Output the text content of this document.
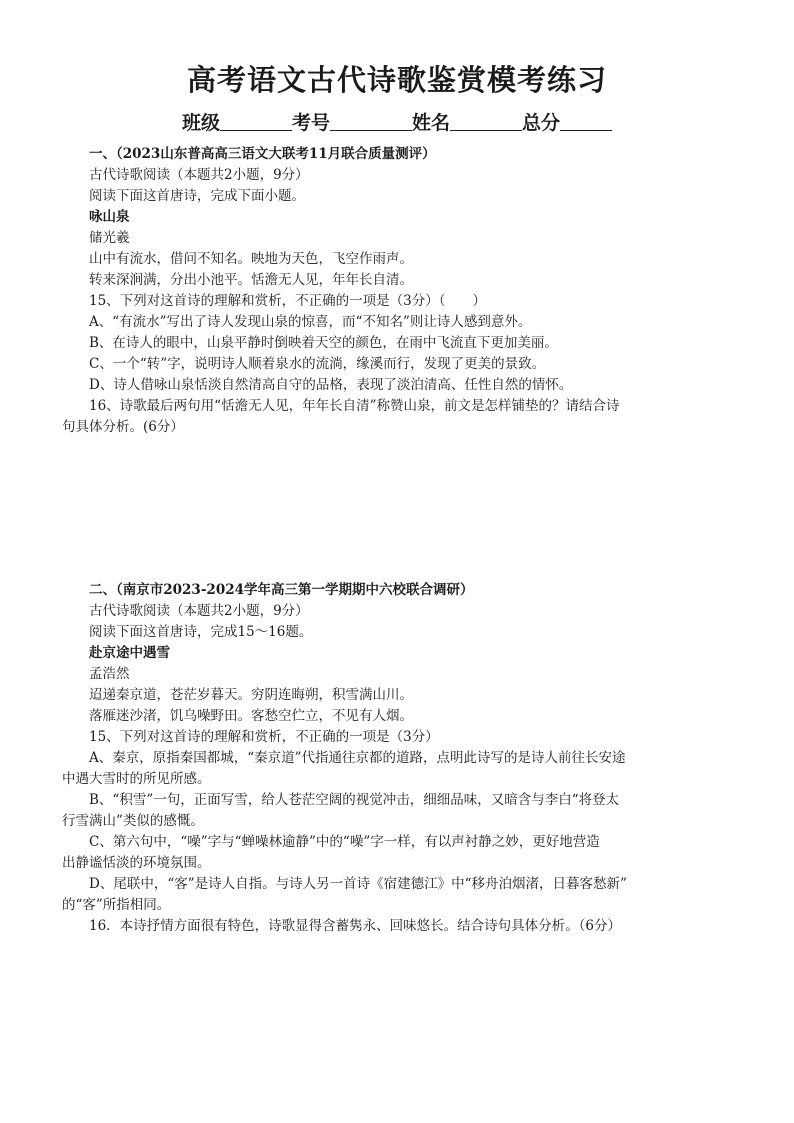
高考语文古代诗歌鉴赏模考练习
班级	考号	姓名	总分
一、（2023山东普高高三语文大联考11月联合质量测评）
古代诗歌阅读（本题共2小题，9分）
阅读下面这首唐诗，完成下面小题。
咏山泉
储光羲
山中有流水，借问不知名。映地为天色，飞空作雨声。
转来深涧满，分出小池平。恬澹无人见，年年长自清。
15、下列对这首诗的理解和赏析，不正确的一项是（3分）（　　）
A、“有流水”写出了诗人发现山泉的惊喜，而“不知名”则让诗人感到意外。
B、在诗人的眼中，山泉平静时倒映着天空的颜色，在雨中飞流直下更加美丽。
C、一个“转”字，说明诗人顺着泉水的流淌，缘溪而行，发现了更美的景致。
D、诗人借咏山泉恬淡自然清高自守的品格，表现了淡泊清高、任性自然的情怀。
16、诗歌最后两句用“恬澹无人见，年年长自清”称赞山泉，前文是怎样铺垫的？请结合诗
句具体分析。(6分）
二、（南京市2023-2024学年高三第一学期期中六校联合调研）
古代诗歌阅读（本题共2小题，9分）
阅读下面这首唐诗，完成15～16题。
赴京途中遇雪
孟浩然
迢递秦京道，苍茫岁暮天。穷阴连晦朔，积雪满山川。
落雁迷沙渚，饥乌噪野田。客愁空伫立，不见有人烟。
15、下列对这首诗的理解和赏析，不正确的一项是（3分）
A、秦京，原指秦国都城，“秦京道”代指通往京都的道路，点明此诗写的是诗人前往长安途
中遇大雪时的所见所感。
B、“积雪”一句，正面写雪，给人苍茫空阔的视觉冲击，细细品味，又暗含与李白“将登太
行雪满山”类似的感慨。
C、第六句中，“噪”字与“蝉噪林逾静”中的“噪”字一样，有以声衬静之妙，更好地营造
出静谧恬淡的环境氛围。
D、尾联中，“客”是诗人自指。与诗人另一首诗《宿建德江》中“移舟泊烟渚，日暮客愁新”
的“客”所指相同。
16．本诗抒情方面很有特色，诗歌显得含蓄隽永、回味悠长。结合诗句具体分析。（6分）
